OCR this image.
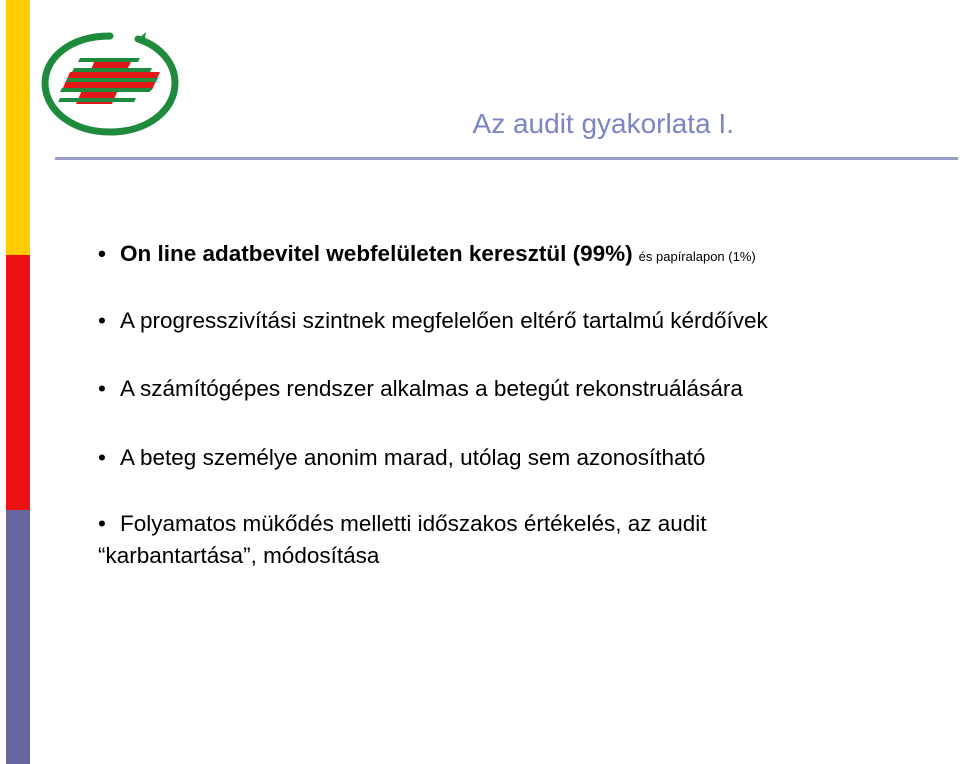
Az audit gyakorlata I.
• On line adatbevitel webfelületen keresztül (99%) és papíralapon (1%)
• A progresszivítási szintnek megfelelően eltérő tartalmú kérdőívek
• A számítógépes rendszer alkalmas a betegút rekonstruálására
• A beteg személye anonim marad, utólag sem azonosítható
• Folyamatos mükődés melletti időszakos értékelés, az audit
“karbantartása”, módosítása
